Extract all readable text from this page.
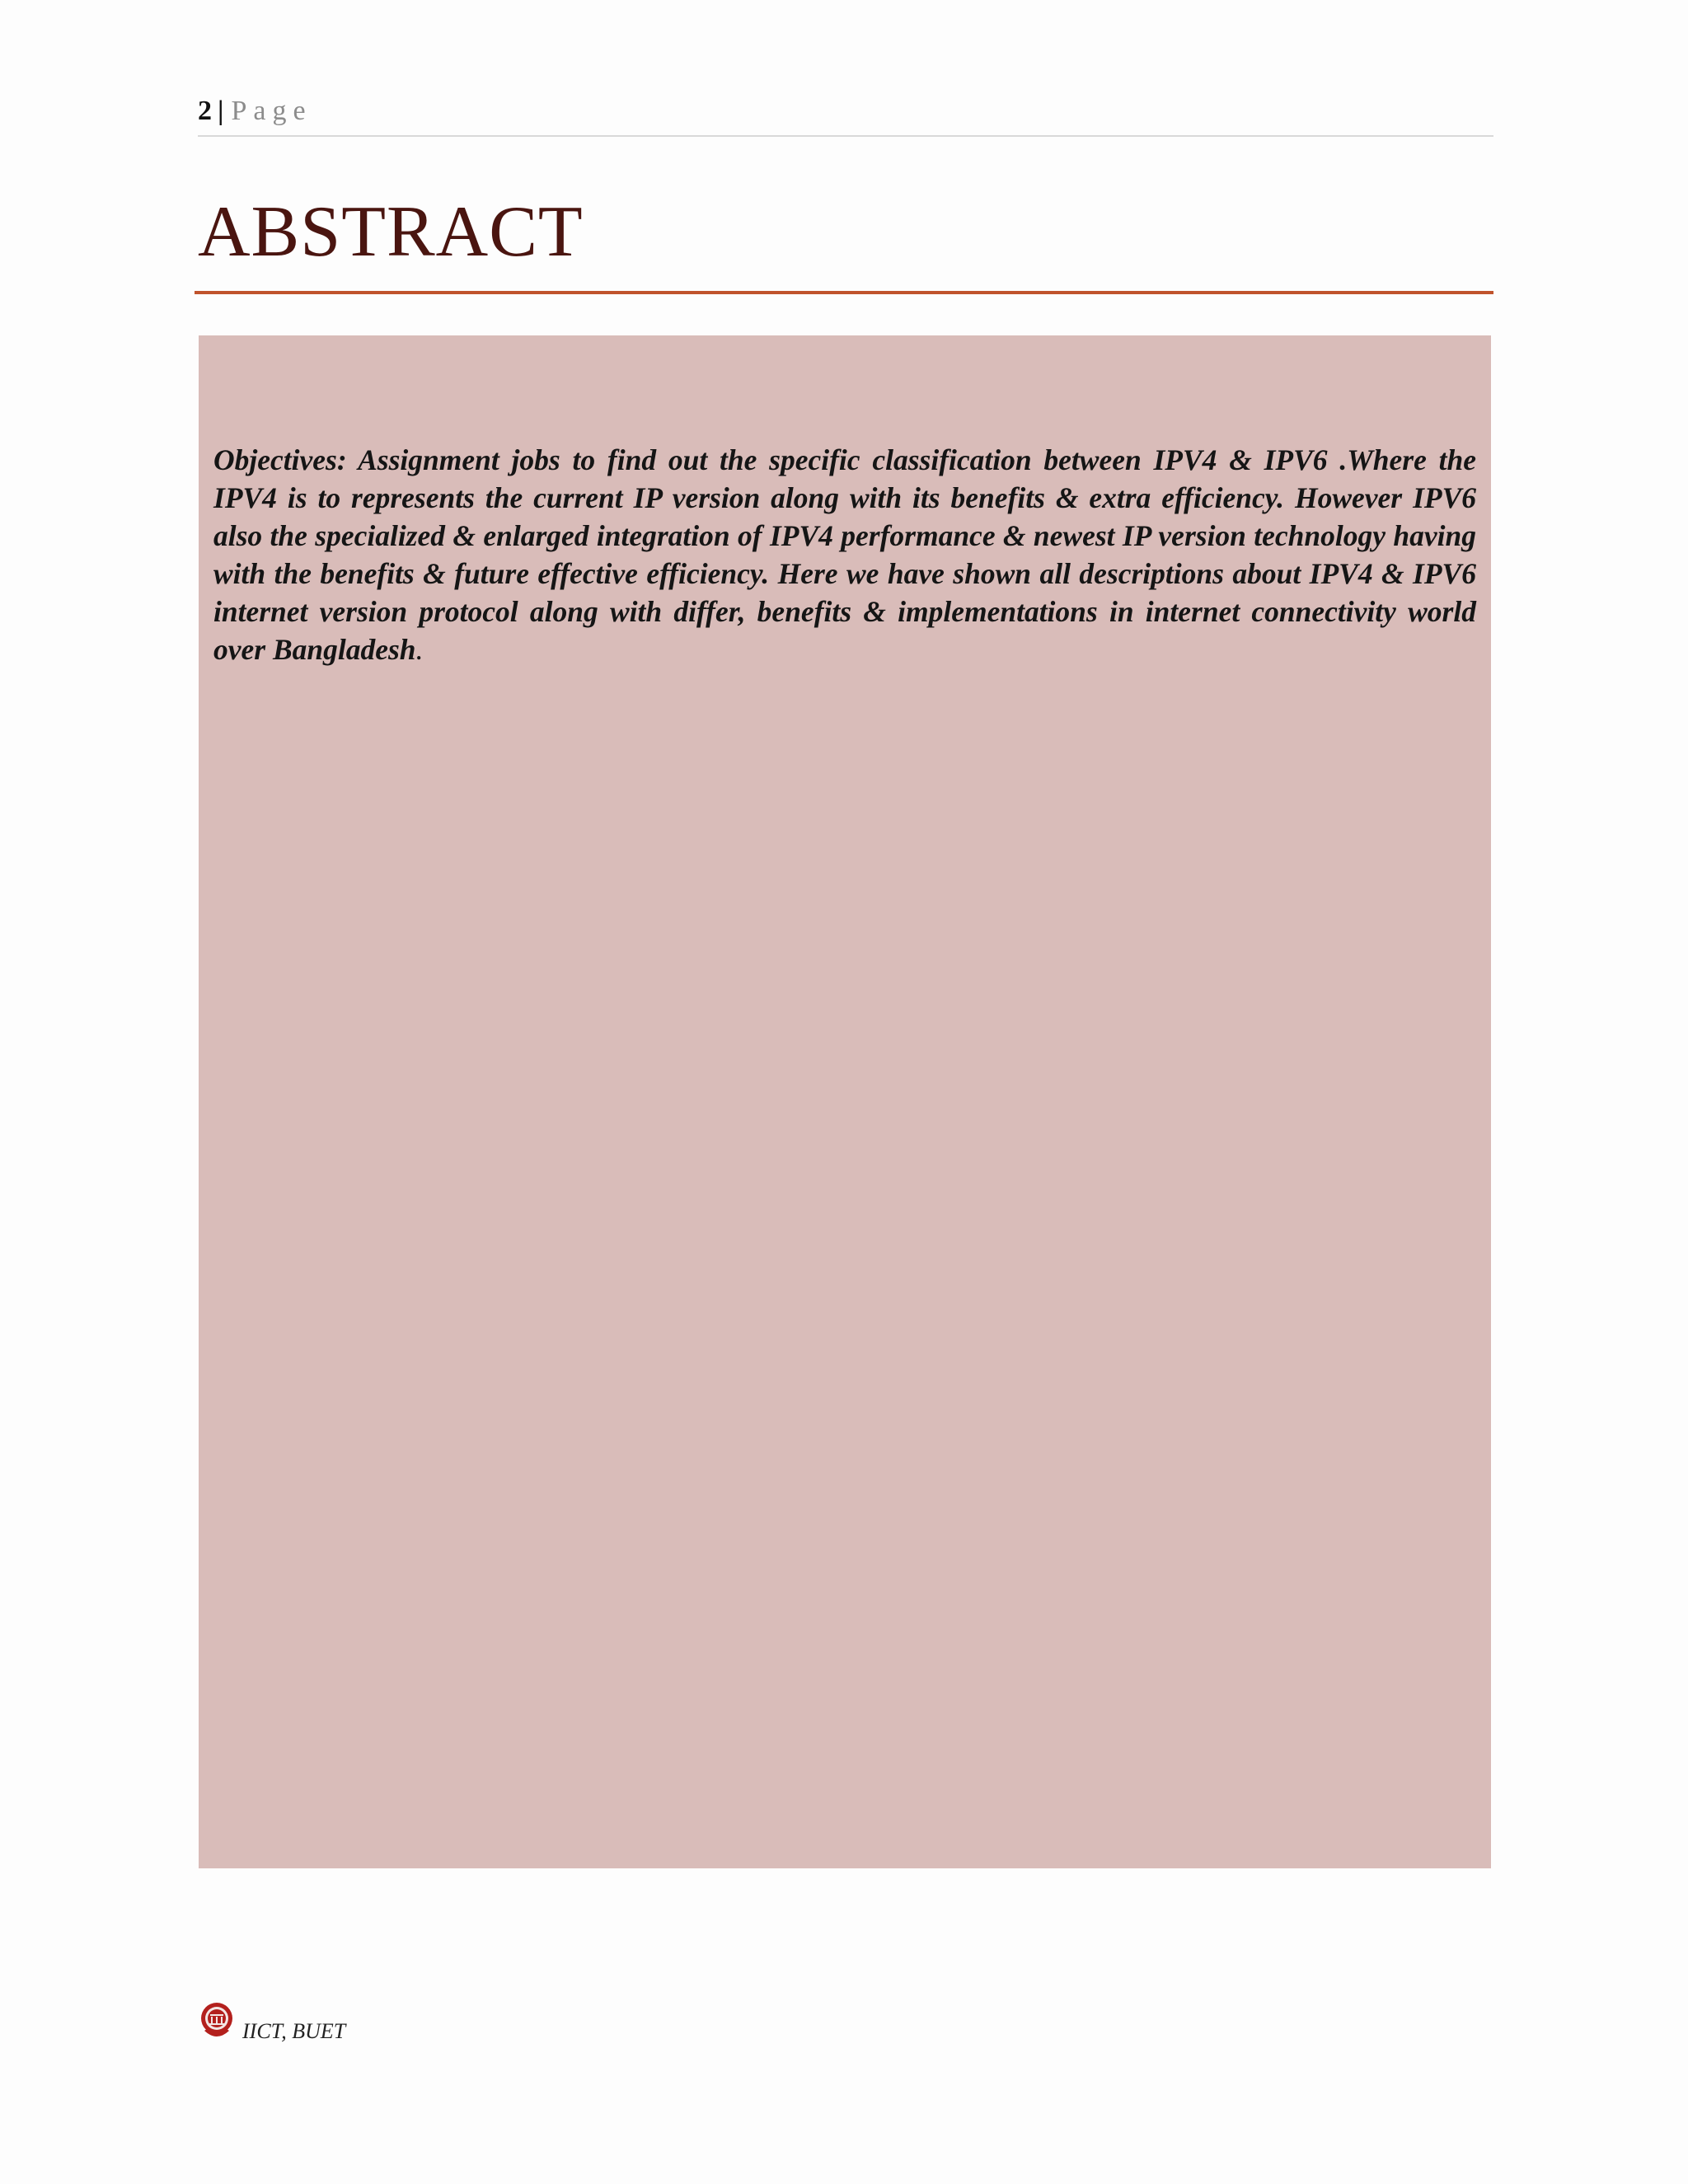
2 | Page
ABSTRACT

Objectives: Assignment jobs to find out the specific classification between IPV4 & IPV6 .Where the IPV4 is to represents the current IP version along with its benefits & extra efficiency. However IPV6 also the specialized & enlarged integration of IPV4 performance & newest IP version technology having with the benefits & future effective efficiency. Here we have shown all descriptions about IPV4 & IPV6 internet version protocol along with differ, benefits & implementations in internet connectivity world over Bangladesh.

IICT, BUET
